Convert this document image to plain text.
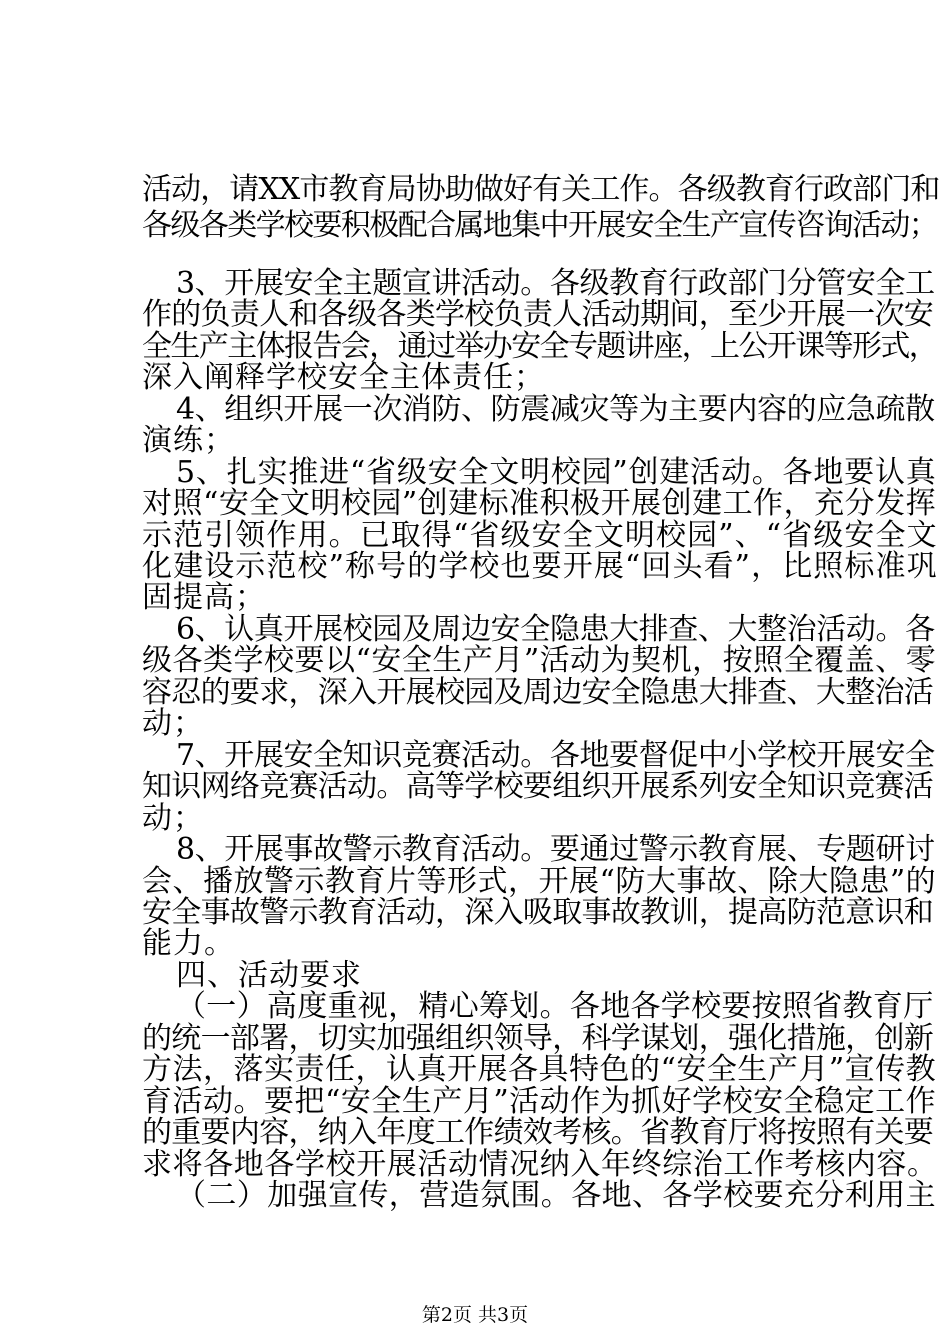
活动，请XX市教育局协助做好有关工作。各级教育行政部门和
各级各类学校要积极配合属地集中开展安全生产宣传咨询活动；
3、开展安全主题宣讲活动。各级教育行政部门分管安全工
作的负责人和各级各类学校负责人活动期间，至少开展一次安
全生产主体报告会，通过举办安全专题讲座，上公开课等形式，
深入阐释学校安全主体责任；
4、组织开展一次消防、防震减灾等为主要内容的应急疏散
演练；
5、扎实推进“省级安全文明校园”创建活动。各地要认真
对照“安全文明校园”创建标准积极开展创建工作，充分发挥
示范引领作用。已取得“省级安全文明校园”、“省级安全文
化建设示范校”称号的学校也要开展“回头看”，比照标准巩
固提高；
6、认真开展校园及周边安全隐患大排查、大整治活动。各
级各类学校要以“安全生产月”活动为契机，按照全覆盖、零
容忍的要求，深入开展校园及周边安全隐患大排查、大整治活
动；
7、开展安全知识竞赛活动。各地要督促中小学校开展安全
知识网络竞赛活动。高等学校要组织开展系列安全知识竞赛活
动；
8、开展事故警示教育活动。要通过警示教育展、专题研讨
会、播放警示教育片等形式，开展“防大事故、除大隐患”的
安全事故警示教育活动，深入吸取事故教训，提高防范意识和
能力。
四、活动要求
（一）高度重视，精心筹划。各地各学校要按照省教育厅
的统一部署，切实加强组织领导，科学谋划，强化措施，创新
方法，落实责任，认真开展各具特色的“安全生产月”宣传教
育活动。要把“安全生产月”活动作为抓好学校安全稳定工作
的重要内容，纳入年度工作绩效考核。省教育厅将按照有关要
求将各地各学校开展活动情况纳入年终综治工作考核内容。
（二）加强宣传，营造氛围。各地、各学校要充分利用主
第2页 共3页
